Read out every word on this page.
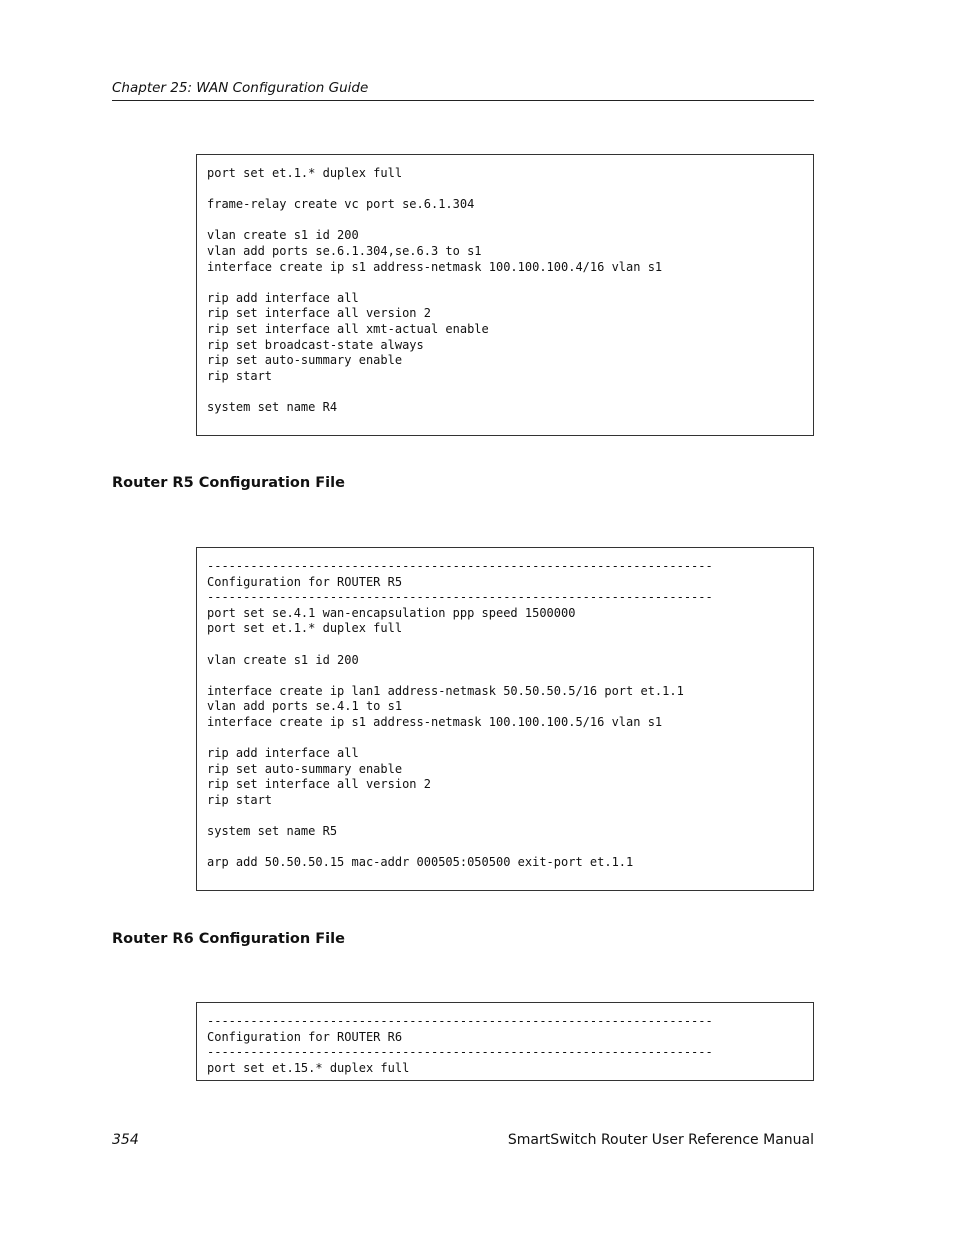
Chapter 25: WAN Configuration Guide
port set et.1.* duplex full
frame-relay create vc port se.6.1.304
vlan create s1 id 200
vlan add ports se.6.1.304,se.6.3 to s1
interface create ip s1 address-netmask 100.100.100.4/16 vlan s1
rip add interface all
rip set interface all version 2
rip set interface all xmt-actual enable
rip set broadcast-state always
rip set auto-summary enable
rip start
system set name R4
Router R5 Configuration File
----------------------------------------------------------------------
Configuration for ROUTER R5
----------------------------------------------------------------------
port set se.4.1 wan-encapsulation ppp speed 1500000
port set et.1.* duplex full
vlan create s1 id 200
interface create ip lan1 address-netmask 50.50.50.5/16 port et.1.1
vlan add ports se.4.1 to s1
interface create ip s1 address-netmask 100.100.100.5/16 vlan s1
rip add interface all
rip set auto-summary enable
rip set interface all version 2
rip start
system set name R5
arp add 50.50.50.15 mac-addr 000505:050500 exit-port et.1.1
Router R6 Configuration File
----------------------------------------------------------------------
Configuration for ROUTER R6
----------------------------------------------------------------------
port set et.15.* duplex full
354	SmartSwitch Router User Reference Manual
